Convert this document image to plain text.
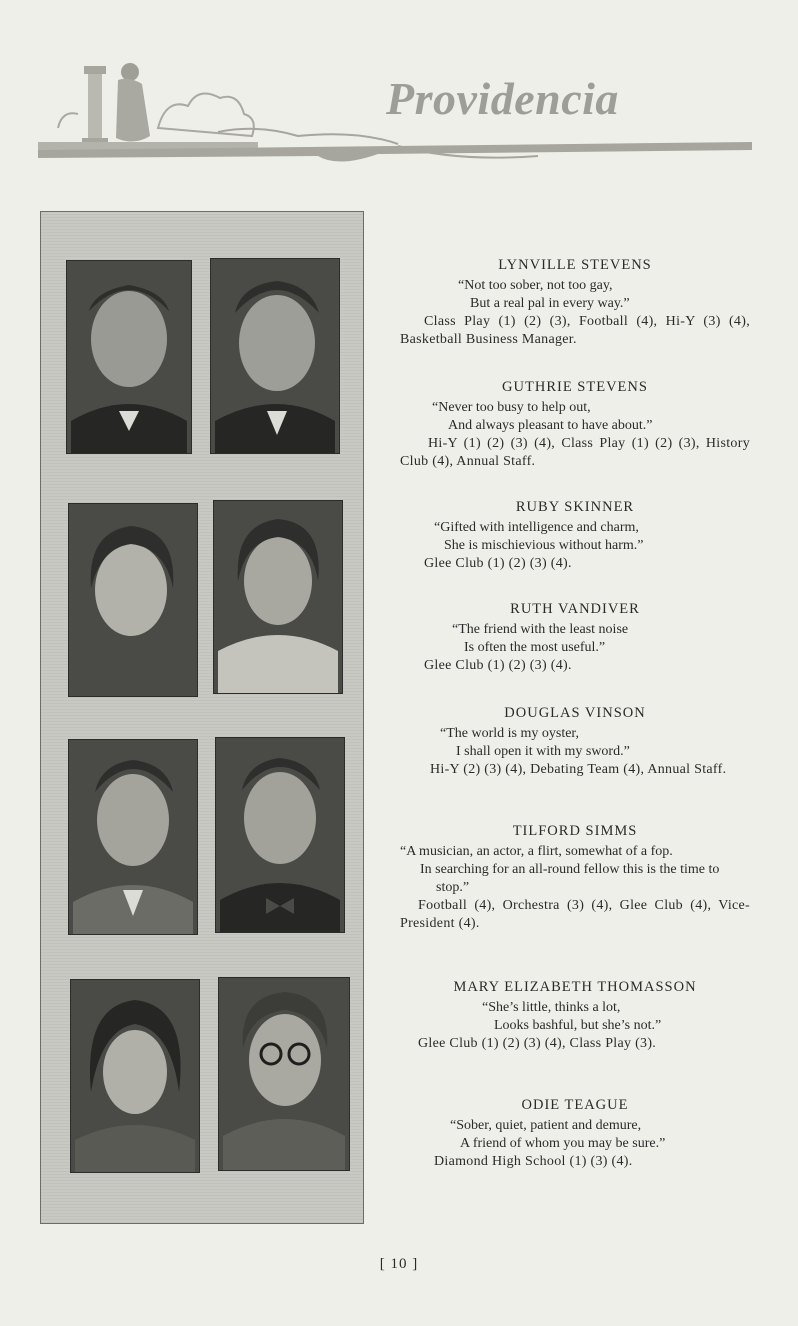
Providencia
LYNVILLE STEVENS
“Not too sober, not too gay,
But a real pal in every way.”
Class Play (1) (2) (3), Football (4), Hi-Y (3) (4), Basketball Business Manager.
GUTHRIE STEVENS
“Never too busy to help out,
And always pleasant to have about.”
Hi-Y (1) (2) (3) (4), Class Play (1) (2) (3), History Club (4), Annual Staff.
RUBY SKINNER
“Gifted with intelligence and charm,
She is mischievious without harm.”
Glee Club (1) (2) (3) (4).
RUTH VANDIVER
“The friend with the least noise
Is often the most useful.”
Glee Club (1) (2) (3) (4).
DOUGLAS VINSON
“The world is my oyster,
I shall open it with my sword.”
Hi-Y (2) (3) (4), Debating Team (4), Annual Staff.
TILFORD SIMMS
“A musician, an actor, a flirt, somewhat of a fop.
In searching for an all-round fellow this is the time to stop.”
Football (4), Orchestra (3) (4), Glee Club (4), Vice-President (4).
MARY ELIZABETH THOMASSON
“She’s little, thinks a lot,
Looks bashful, but she’s not.”
Glee Club (1) (2) (3) (4), Class Play (3).
ODIE TEAGUE
“Sober, quiet, patient and demure,
A friend of whom you may be sure.”
Diamond High School (1) (3) (4).
[ 10 ]
